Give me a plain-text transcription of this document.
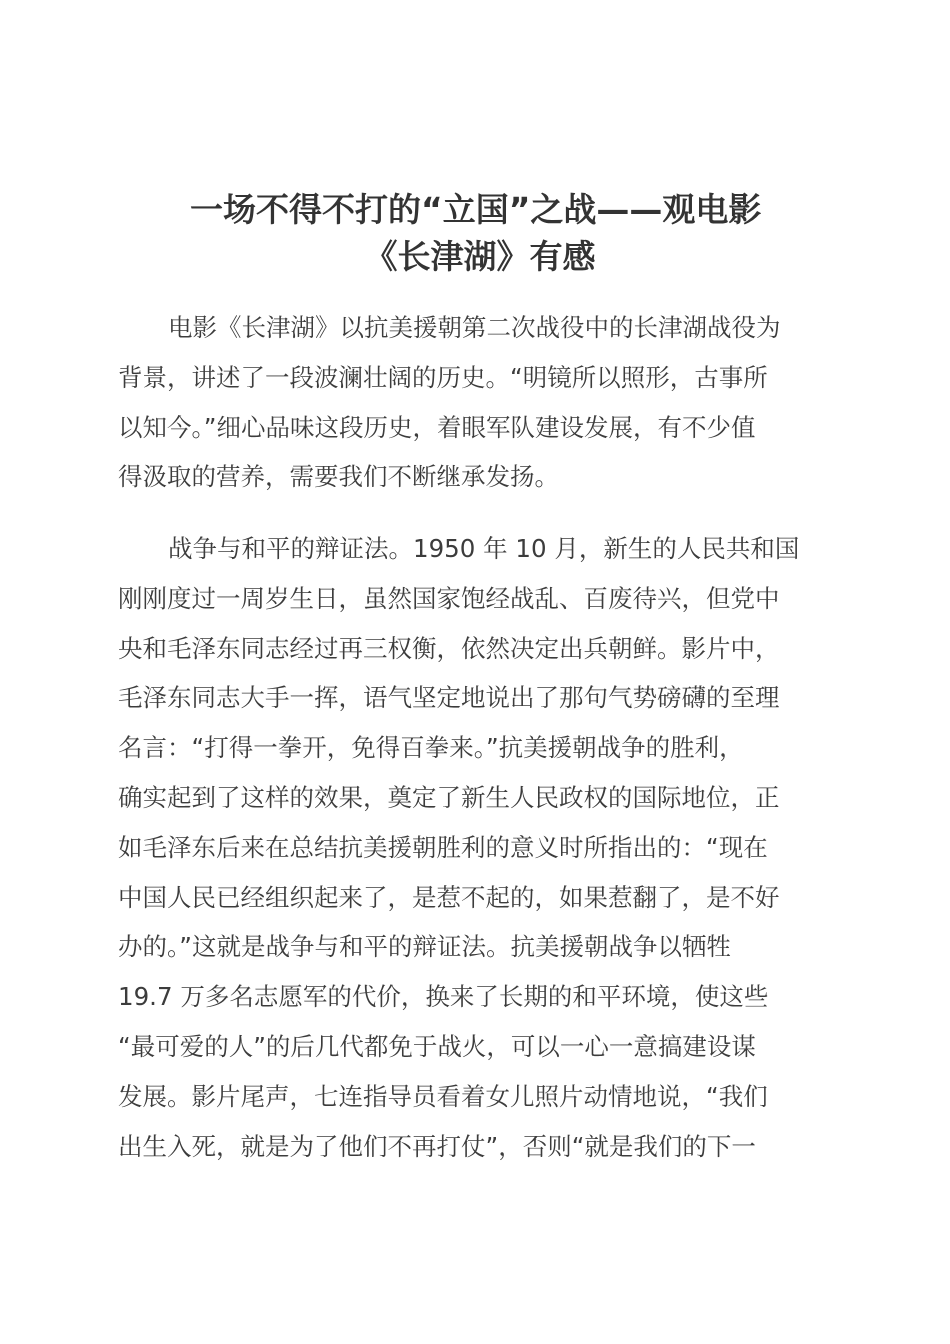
一场不得不打的“立国”之战——观电影
《长津湖》有感
电影《长津湖》以抗美援朝第二次战役中的长津湖战役为
背景，讲述了一段波澜壮阔的历史。“明镜所以照形，古事所
以知今。”细心品味这段历史，着眼军队建设发展，有不少值
得汲取的营养，需要我们不断继承发扬。
战争与和平的辩证法。1950 年 10 月，新生的人民共和国
刚刚度过一周岁生日，虽然国家饱经战乱、百废待兴，但党中
央和毛泽东同志经过再三权衡，依然决定出兵朝鲜。影片中，
毛泽东同志大手一挥，语气坚定地说出了那句气势磅礴的至理
名言：“打得一拳开，免得百拳来。”抗美援朝战争的胜利，
确实起到了这样的效果，奠定了新生人民政权的国际地位，正
如毛泽东后来在总结抗美援朝胜利的意义时所指出的：“现在
中国人民已经组织起来了，是惹不起的，如果惹翻了，是不好
办的。”这就是战争与和平的辩证法。抗美援朝战争以牺牲
19.7 万多名志愿军的代价，换来了长期的和平环境，使这些
“最可爱的人”的后几代都免于战火，可以一心一意搞建设谋
发展。影片尾声，七连指导员看着女儿照片动情地说，“我们
出生入死，就是为了他们不再打仗”，否则“就是我们的下一
